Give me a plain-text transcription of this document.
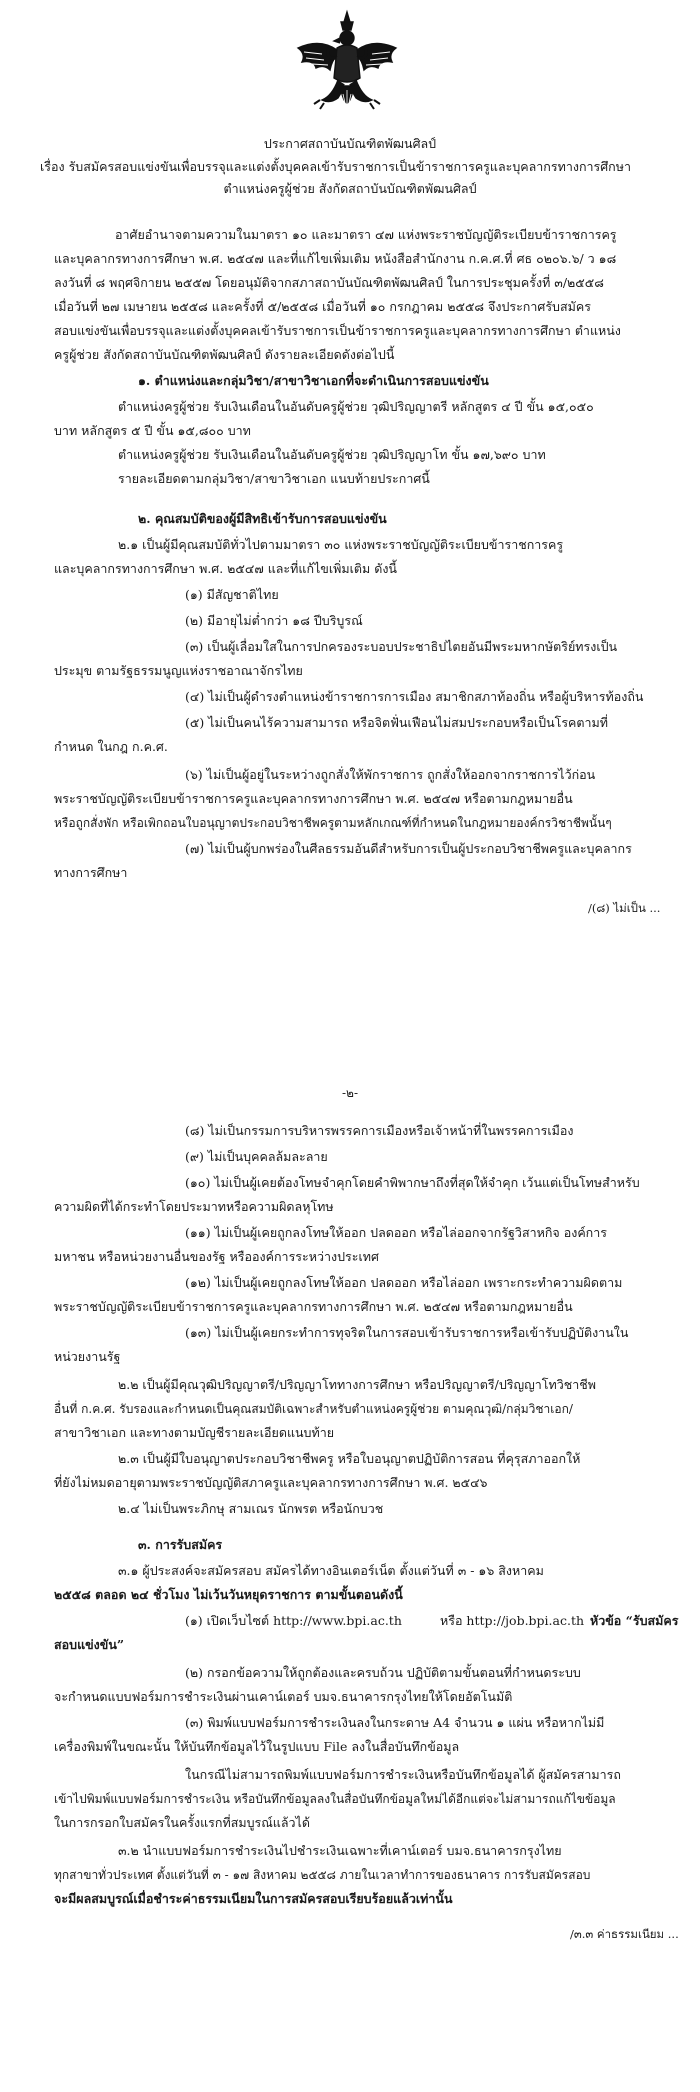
ประกาศสถาบันบัณฑิตพัฒนศิลป์
เรื่อง รับสมัครสอบแข่งขันเพื่อบรรจุและแต่งตั้งบุคคลเข้ารับราชการเป็นข้าราชการครูและบุคลากรทางการศึกษา
ตำแหน่งครูผู้ช่วย สังกัดสถาบันบัณฑิตพัฒนศิลป์
อาศัยอำนาจตามความในมาตรา ๑๐ และมาตรา ๔๗ แห่งพระราชบัญญัติระเบียบข้าราชการครู
และบุคลากรทางการศึกษา พ.ศ. ๒๕๔๗ และที่แก้ไขเพิ่มเติม หนังสือสำนักงาน ก.ค.ศ.ที่ ศธ ๐๒๐๖.๖/ ว ๑๘
ลงวันที่ ๘ พฤศจิกายน ๒๕๕๗ โดยอนุมัติจากสภาสถาบันบัณฑิตพัฒนศิลป์ ในการประชุมครั้งที่ ๓/๒๕๕๘
เมื่อวันที่ ๒๗ เมษายน ๒๕๕๘ และครั้งที่ ๕/๒๕๕๘ เมื่อวันที่ ๑๐ กรกฎาคม ๒๕๕๘ จึงประกาศรับสมัคร
สอบแข่งขันเพื่อบรรจุและแต่งตั้งบุคคลเข้ารับราชการเป็นข้าราชการครูและบุคลากรทางการศึกษา ตำแหน่ง
ครูผู้ช่วย สังกัดสถาบันบัณฑิตพัฒนศิลป์ ดังรายละเอียดดังต่อไปนี้
๑. ตำแหน่งและกลุ่มวิชา/สาขาวิชาเอกที่จะดำเนินการสอบแข่งขัน
ตำแหน่งครูผู้ช่วย รับเงินเดือนในอันดับครูผู้ช่วย วุฒิปริญญาตรี หลักสูตร ๔ ปี ขั้น ๑๕,๐๕๐
บาท หลักสูตร ๕ ปี ขั้น ๑๕,๘๐๐ บาท
ตำแหน่งครูผู้ช่วย รับเงินเดือนในอันดับครูผู้ช่วย วุฒิปริญญาโท ขั้น ๑๗,๖๙๐ บาท
รายละเอียดตามกลุ่มวิชา/สาขาวิชาเอก แนบท้ายประกาศนี้
๒. คุณสมบัติของผู้มีสิทธิเข้ารับการสอบแข่งขัน
๒.๑ เป็นผู้มีคุณสมบัติทั่วไปตามมาตรา ๓๐ แห่งพระราชบัญญัติระเบียบข้าราชการครู
และบุคลากรทางการศึกษา พ.ศ. ๒๕๔๗ และที่แก้ไขเพิ่มเติม ดังนี้
(๑) มีสัญชาติไทย
(๒) มีอายุไม่ต่ำกว่า ๑๘ ปีบริบูรณ์
(๓) เป็นผู้เลื่อมใสในการปกครองระบอบประชาธิปไตยอันมีพระมหากษัตริย์ทรงเป็น
ประมุข ตามรัฐธรรมนูญแห่งราชอาณาจักรไทย
(๔) ไม่เป็นผู้ดำรงตำแหน่งข้าราชการการเมือง สมาชิกสภาท้องถิ่น หรือผู้บริหารท้องถิ่น
(๕) ไม่เป็นคนไร้ความสามารถ หรือจิตฟั่นเฟือนไม่สมประกอบหรือเป็นโรคตามที่
กำหนด ในกฎ ก.ค.ศ.
(๖) ไม่เป็นผู้อยู่ในระหว่างถูกสั่งให้พักราชการ ถูกสั่งให้ออกจากราชการไว้ก่อน
พระราชบัญญัติระเบียบข้าราชการครูและบุคลากรทางการศึกษา พ.ศ. ๒๕๔๗ หรือตามกฎหมายอื่น
หรือถูกสั่งพัก หรือเพิกถอนใบอนุญาตประกอบวิชาชีพครูตามหลักเกณฑ์ที่กำหนดในกฎหมายองค์กรวิชาชีพนั้นๆ
(๗) ไม่เป็นผู้บกพร่องในศีลธรรมอันดีสำหรับการเป็นผู้ประกอบวิชาชีพครูและบุคลากร
ทางการศึกษา
/(๘) ไม่เป็น ...
-๒-
(๘) ไม่เป็นกรรมการบริหารพรรคการเมืองหรือเจ้าหน้าที่ในพรรคการเมือง
(๙) ไม่เป็นบุคคลล้มละลาย
(๑๐) ไม่เป็นผู้เคยต้องโทษจำคุกโดยคำพิพากษาถึงที่สุดให้จำคุก เว้นแต่เป็นโทษสำหรับ
ความผิดที่ได้กระทำโดยประมาทหรือความผิดลหุโทษ
(๑๑) ไม่เป็นผู้เคยถูกลงโทษให้ออก ปลดออก หรือไล่ออกจากรัฐวิสาหกิจ องค์การ
มหาชน หรือหน่วยงานอื่นของรัฐ หรือองค์การระหว่างประเทศ
(๑๒) ไม่เป็นผู้เคยถูกลงโทษให้ออก ปลดออก หรือไล่ออก เพราะกระทำความผิดตาม
พระราชบัญญัติระเบียบข้าราชการครูและบุคลากรทางการศึกษา พ.ศ. ๒๕๔๗ หรือตามกฎหมายอื่น
(๑๓) ไม่เป็นผู้เคยกระทำการทุจริตในการสอบเข้ารับราชการหรือเข้ารับปฏิบัติงานใน
หน่วยงานรัฐ
๒.๒ เป็นผู้มีคุณวุฒิปริญญาตรี/ปริญญาโททางการศึกษา หรือปริญญาตรี/ปริญญาโทวิชาชีพ
อื่นที่ ก.ค.ศ. รับรองและกำหนดเป็นคุณสมบัติเฉพาะสำหรับตำแหน่งครูผู้ช่วย ตามคุณวุฒิ/กลุ่มวิชาเอก/
สาขาวิชาเอก และทางตามบัญชีรายละเอียดแนบท้าย
๒.๓ เป็นผู้มีใบอนุญาตประกอบวิชาชีพครู หรือใบอนุญาตปฏิบัติการสอน ที่คุรุสภาออกให้
ที่ยังไม่หมดอายุตามพระราชบัญญัติสภาครูและบุคลากรทางการศึกษา พ.ศ. ๒๕๔๖
๒.๔ ไม่เป็นพระภิกษุ สามเณร นักพรต หรือนักบวช
๓. การรับสมัคร
๓.๑ ผู้ประสงค์จะสมัครสอบ สมัครได้ทางอินเตอร์เน็ต ตั้งแต่วันที่ ๓ - ๑๖ สิงหาคม
๒๕๕๘ ตลอด ๒๔ ชั่วโมง ไม่เว้นวันหยุดราชการ ตามขั้นตอนดังนี้
(๑) เปิดเว็บไซต์ http://www.bpi.ac.th	หรือ http://job.bpi.ac.th หัวข้อ “รับสมัคร
สอบแข่งขัน”
(๒) กรอกข้อความให้ถูกต้องและครบถ้วน ปฏิบัติตามขั้นตอนที่กำหนดระบบ
จะกำหนดแบบฟอร์มการชำระเงินผ่านเคาน์เตอร์ บมจ.ธนาคารกรุงไทยให้โดยอัตโนมัติ
(๓) พิมพ์แบบฟอร์มการชำระเงินลงในกระดาษ A4 จำนวน ๑ แผ่น หรือหากไม่มี
เครื่องพิมพ์ในขณะนั้น ให้บันทึกข้อมูลไว้ในรูปแบบ File ลงในสื่อบันทึกข้อมูล
ในกรณีไม่สามารถพิมพ์แบบฟอร์มการชำระเงินหรือบันทึกข้อมูลได้ ผู้สมัครสามารถ
เข้าไปพิมพ์แบบฟอร์มการชำระเงิน หรือบันทึกข้อมูลลงในสื่อบันทึกข้อมูลใหม่ได้อีกแต่จะไม่สามารถแก้ไขข้อมูล
ในการกรอกใบสมัครในครั้งแรกที่สมบูรณ์แล้วได้
๓.๒ นำแบบฟอร์มการชำระเงินไปชำระเงินเฉพาะที่เคาน์เตอร์ บมจ.ธนาคารกรุงไทย
ทุกสาขาทั่วประเทศ ตั้งแต่วันที่ ๓ - ๑๗ สิงหาคม ๒๕๕๘ ภายในเวลาทำการของธนาคาร การรับสมัครสอบ
จะมีผลสมบูรณ์เมื่อชำระค่าธรรมเนียมในการสมัครสอบเรียบร้อยแล้วเท่านั้น
/๓.๓ ค่าธรรมเนียม ...
